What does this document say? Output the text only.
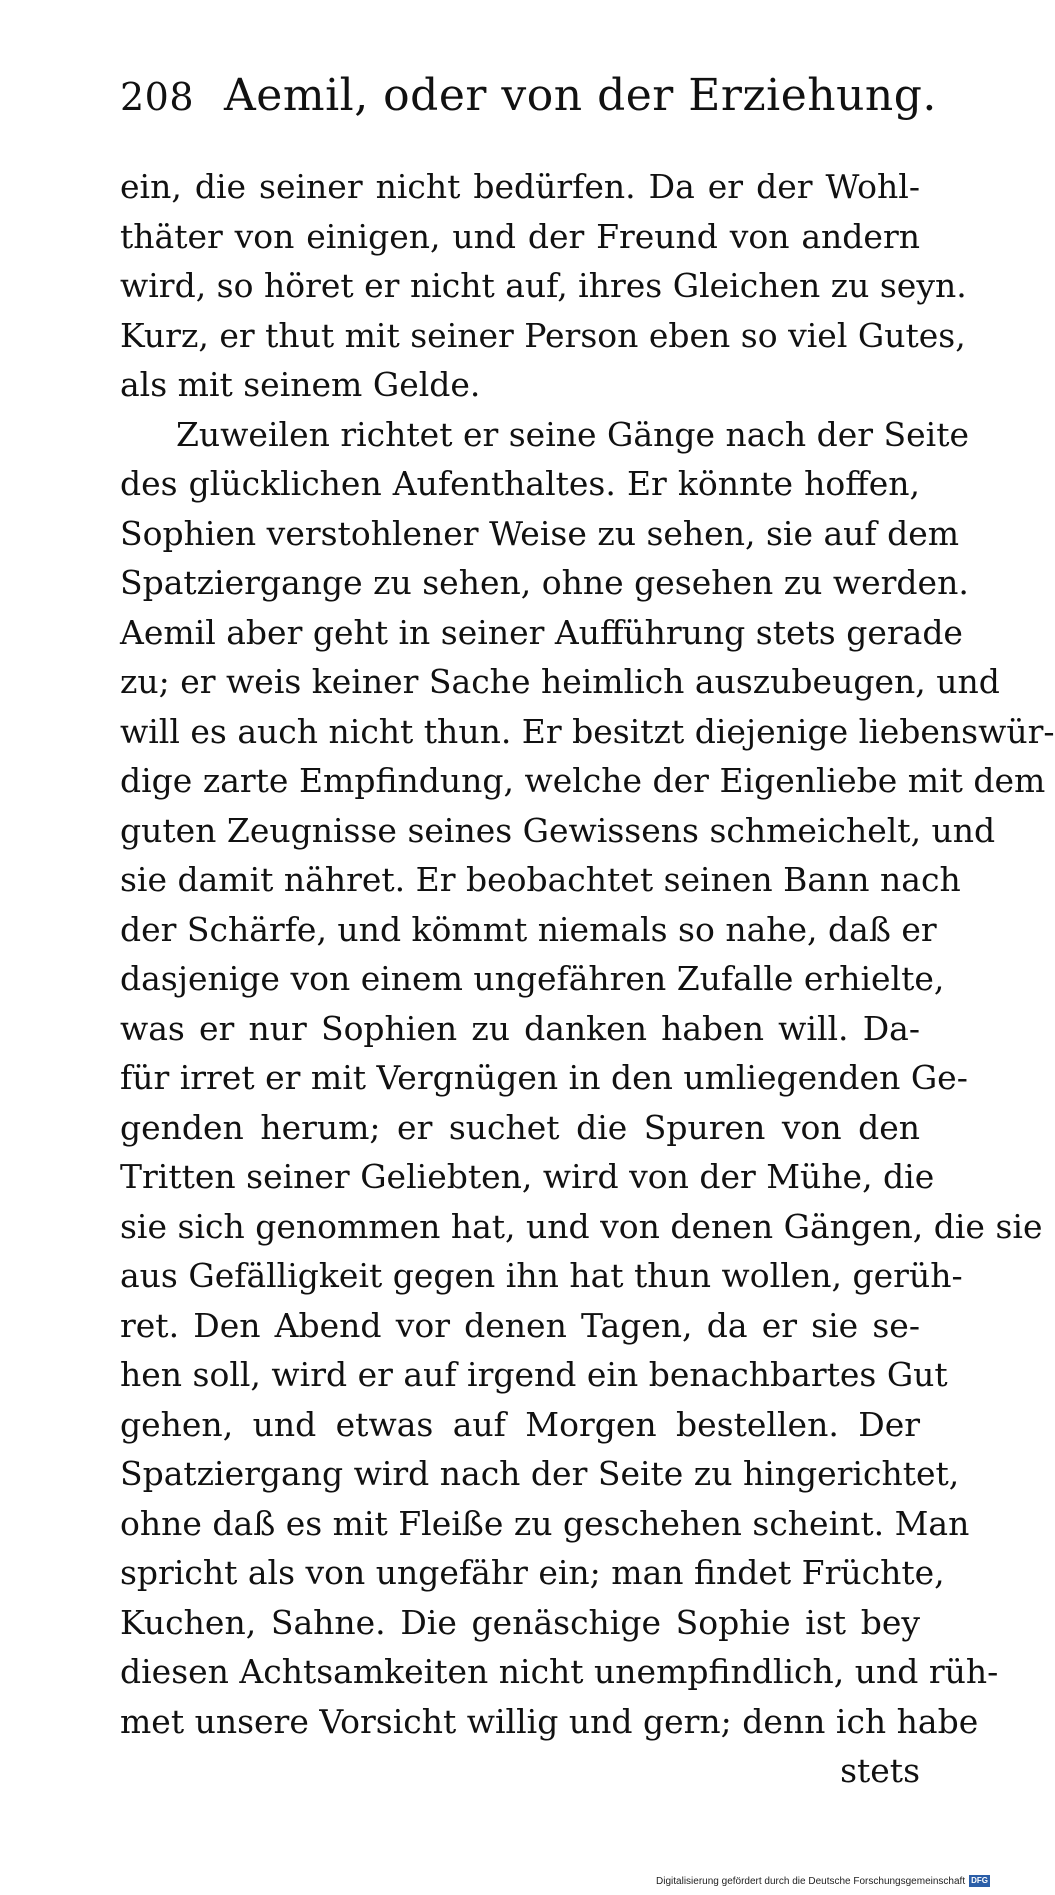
208 Aemil, oder von der Erziehung.
ein, die seiner nicht bedürfen. Da er der Wohl-
thäter von einigen, und der Freund von andern
wird, so höret er nicht auf, ihres Gleichen zu seyn.
Kurz, er thut mit seiner Person eben so viel Gutes,
als mit seinem Gelde.
Zuweilen richtet er seine Gänge nach der Seite
des glücklichen Aufenthaltes. Er könnte hoffen,
Sophien verstohlener Weise zu sehen, sie auf dem
Spatziergange zu sehen, ohne gesehen zu werden.
Aemil aber geht in seiner Aufführung stets gerade
zu; er weis keiner Sache heimlich auszubeugen, und
will es auch nicht thun. Er besitzt diejenige liebenswür-
dige zarte Empfindung, welche der Eigenliebe mit dem
guten Zeugnisse seines Gewissens schmeichelt, und
sie damit nähret. Er beobachtet seinen Bann nach
der Schärfe, und kömmt niemals so nahe, daß er
dasjenige von einem ungefähren Zufalle erhielte,
was er nur Sophien zu danken haben will. Da-
für irret er mit Vergnügen in den umliegenden Ge-
genden herum; er suchet die Spuren von den
Tritten seiner Geliebten, wird von der Mühe, die
sie sich genommen hat, und von denen Gängen, die sie
aus Gefälligkeit gegen ihn hat thun wollen, gerüh-
ret. Den Abend vor denen Tagen, da er sie se-
hen soll, wird er auf irgend ein benachbartes Gut
gehen, und etwas auf Morgen bestellen. Der
Spatziergang wird nach der Seite zu hingerichtet,
ohne daß es mit Fleiße zu geschehen scheint. Man
spricht als von ungefähr ein; man findet Früchte,
Kuchen, Sahne. Die genäschige Sophie ist bey
diesen Achtsamkeiten nicht unempfindlich, und rüh-
met unsere Vorsicht willig und gern; denn ich habe
stets
Digitalisierung gefördert durch die Deutsche Forschungsgemeinschaft DFG
